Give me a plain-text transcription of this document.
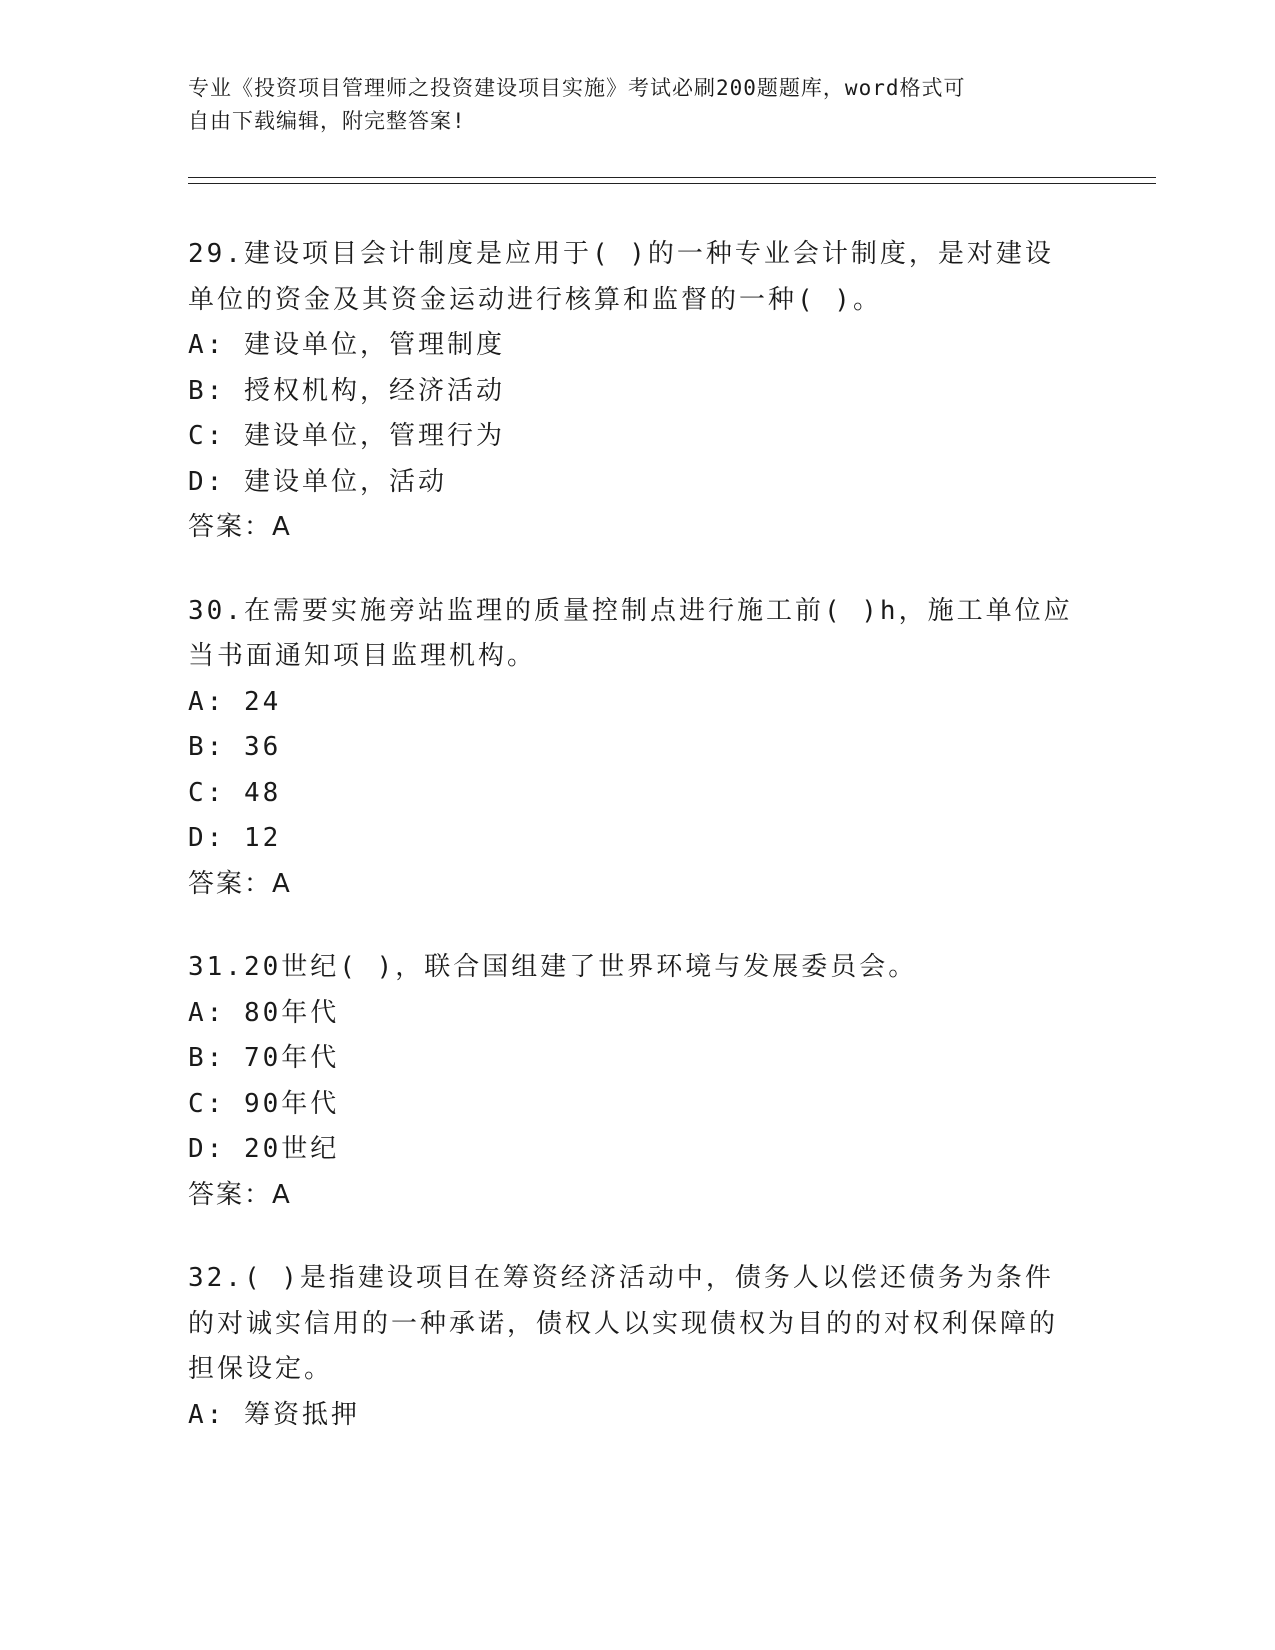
专业《投资项目管理师之投资建设项目实施》考试必刷200题题库，word格式可
自由下载编辑，附完整答案!

29.建设项目会计制度是应用于( )的一种专业会计制度，是对建设

单位的资金及其资金运动进行核算和监督的一种( )。

A:
建设单位，管理制度
B:
授权机构，经济活动
C:
建设单位，管理行为
D:
建设单位，活动

答案：A

30.在需要实施旁站监理的质量控制点进行施工前( )h，施工单位应

当书面通知项目监理机构。

A:
24
B:
36
C:
48
D:
12

答案：A

31.20世纪( )，联合国组建了世界环境与发展委员会。

A:
80年代
B:
70年代
C:
90年代
D:
20世纪

答案：A

32.( )是指建设项目在筹资经济活动中，债务人以偿还债务为条件

的对诚实信用的一种承诺，债权人以实现债权为目的的对权利保障的

担保设定。

A:
筹资抵押
